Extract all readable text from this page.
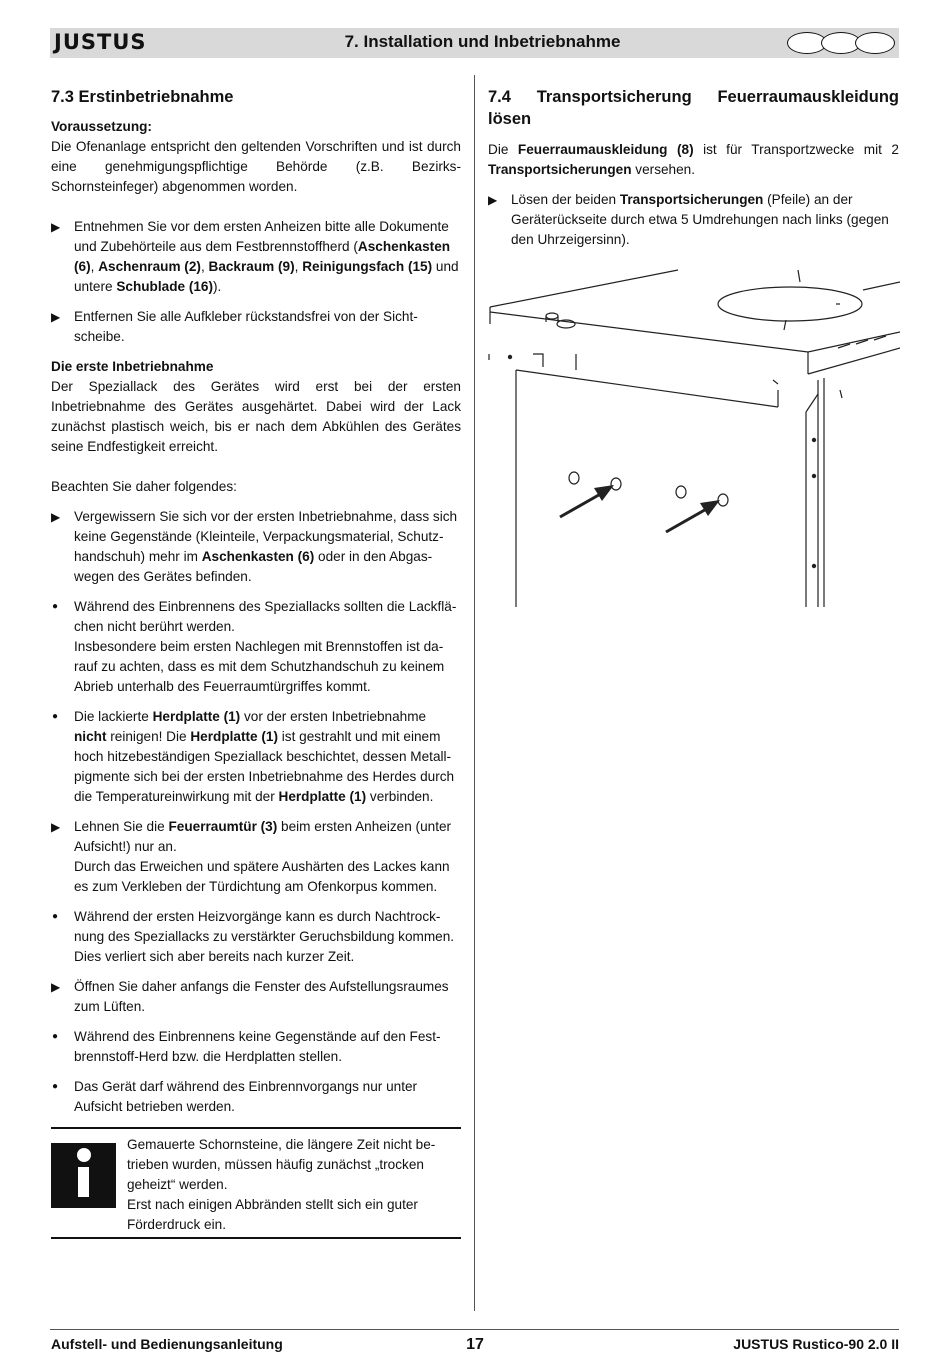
JUSTUS	7. Installation und Inbetriebnahme
7.3 Erstinbetriebnahme
Voraussetzung:

Die Ofenanlage entspricht den geltenden Vorschriften und ist durch eine genehmigungspflichtige Behörde (z.B. Bezirks-Schornsteinfeger) abgenommen worden.

▶	Entnehmen Sie vor dem ersten Anheizen bitte alle Dokumente und Zubehörteile aus dem Festbrennstoffherd (Aschenkasten (6), Aschenraum (2), Backraum (9), Reinigungsfach (15) und untere Schublade (16)).
▶	Entfernen Sie alle Aufkleber rückstandsfrei von der Sicht-scheibe.
Die erste Inbetriebnahme

Der Speziallack des Gerätes wird erst bei der ersten Inbetriebnahme des Gerätes ausgehärtet. Dabei wird der Lack zunächst plastisch weich, bis er nach dem Abkühlen des Gerätes seine Endfestigkeit erreicht.

Beachten Sie daher folgendes:

▶	Vergewissern Sie sich vor der ersten Inbetriebnahme, dass sich keine Gegenstände (Kleinteile, Verpackungsmaterial, Schutz-handschuh) mehr im Aschenkasten (6) oder in den Abgas-wegen des Gerätes befinden.
●	Während des Einbrennens des Speziallacks sollten die Lackflä-chen nicht berührt werden.
Insbesondere beim ersten Nachlegen mit Brennstoffen ist da-rauf zu achten, dass es mit dem Schutzhandschuh zu keinem Abrieb unterhalb des Feuerraumtürgriffes kommt.
●	Die lackierte Herdplatte (1) vor der ersten Inbetriebnahme nicht reinigen! Die Herdplatte (1) ist gestrahlt und mit einem hoch hitzebeständigen Speziallack beschichtet, dessen Metall-pigmente sich bei der ersten Inbetriebnahme des Herdes durch die Temperatureinwirkung mit der Herdplatte (1) verbinden.
▶	Lehnen Sie die Feuerraumtür (3) beim ersten Anheizen (unter Aufsicht!) nur an.
Durch das Erweichen und spätere Aushärten des Lackes kann es zum Verkleben der Türdichtung am Ofenkorpus kommen.
●	Während der ersten Heizvorgänge kann es durch Nachtrock-nung des Speziallacks zu verstärkter Geruchsbildung kommen. Dies verliert sich aber bereits nach kurzer Zeit.
▶	Öffnen Sie daher anfangs die Fenster des Aufstellungsraumes zum Lüften.
●	Während des Einbrennens keine Gegenstände auf den Fest-brennstoff-Herd bzw. die Herdplatten stellen.
●	Das Gerät darf während des Einbrennvorgangs nur unter Aufsicht betrieben werden.
Gemauerte Schornsteine, die längere Zeit nicht be-trieben wurden, müssen häufig zunächst „trocken geheizt“ werden.
Erst nach einigen Abbränden stellt sich ein guter Förderdruck ein.
7.4 Transportsicherung Feuerraumauskleidung
lösen

Die Feuerraumauskleidung (8) ist für Transportzwecke mit 2 Transportsicherungen versehen.

▶	Lösen der beiden Transportsicherungen (Pfeile) an der Geräterückseite durch etwa 5 Umdrehungen nach links (gegen den Uhrzeigersinn).
Aufstell- und Bedienungsanleitung	17	JUSTUS Rustico-90 2.0 II
